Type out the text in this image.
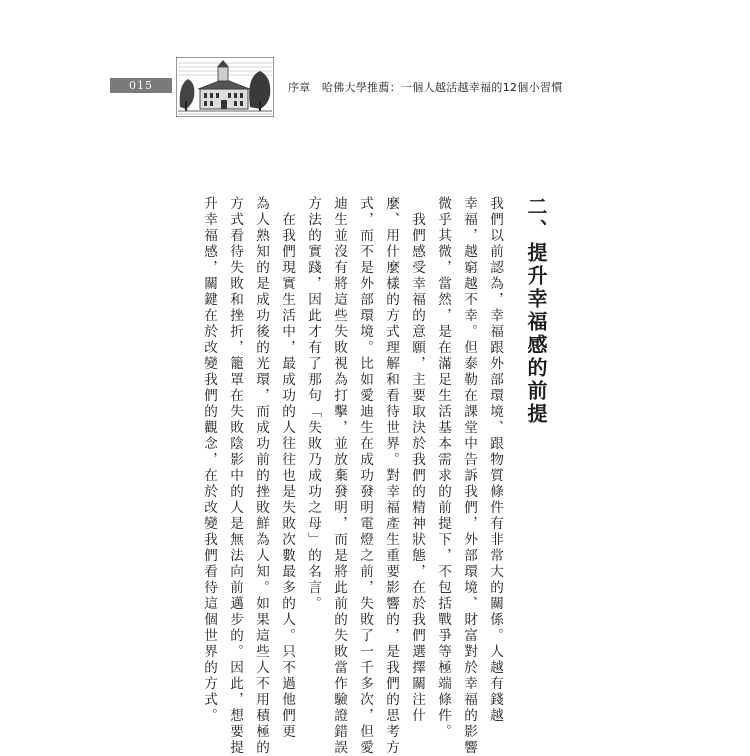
015	序章　哈佛大學推薦：一個人越活越幸福的12個小習慣
二、提升幸福感的前提
我們以前認為，幸福跟外部環境、跟物質條件有非常大的關係。人越有錢越
幸福，越窮越不幸。但泰勒在課堂中告訴我們，外部環境、財富對於幸福的影響
微乎其微，當然，是在滿足生活基本需求的前提下，不包括戰爭等極端條件。
　我們感受幸福的意願，主要取決於我們的精神狀態，在於我們選擇關注什
麼、用什麼樣的方式理解和看待世界。對幸福產生重要影響的，是我們的思考方
式，而不是外部環境。比如愛迪生在成功發明電燈之前，失敗了一千多次，但愛
迪生並沒有將這些失敗視為打擊，並放棄發明，而是將此前的失敗當作驗證錯誤
方法的實踐，因此才有了那句「失敗乃成功之母」的名言。
　在我們現實生活中，最成功的人往往也是失敗次數最多的人。只不過他們更
為人熟知的是成功後的光環，而成功前的挫敗鮮為人知。如果這些人不用積極的
方式看待失敗和挫折，籠罩在失敗陰影中的人是無法向前邁步的。因此，想要提
升幸福感，關鍵在於改變我們的觀念，在於改變我們看待這個世界的方式。
